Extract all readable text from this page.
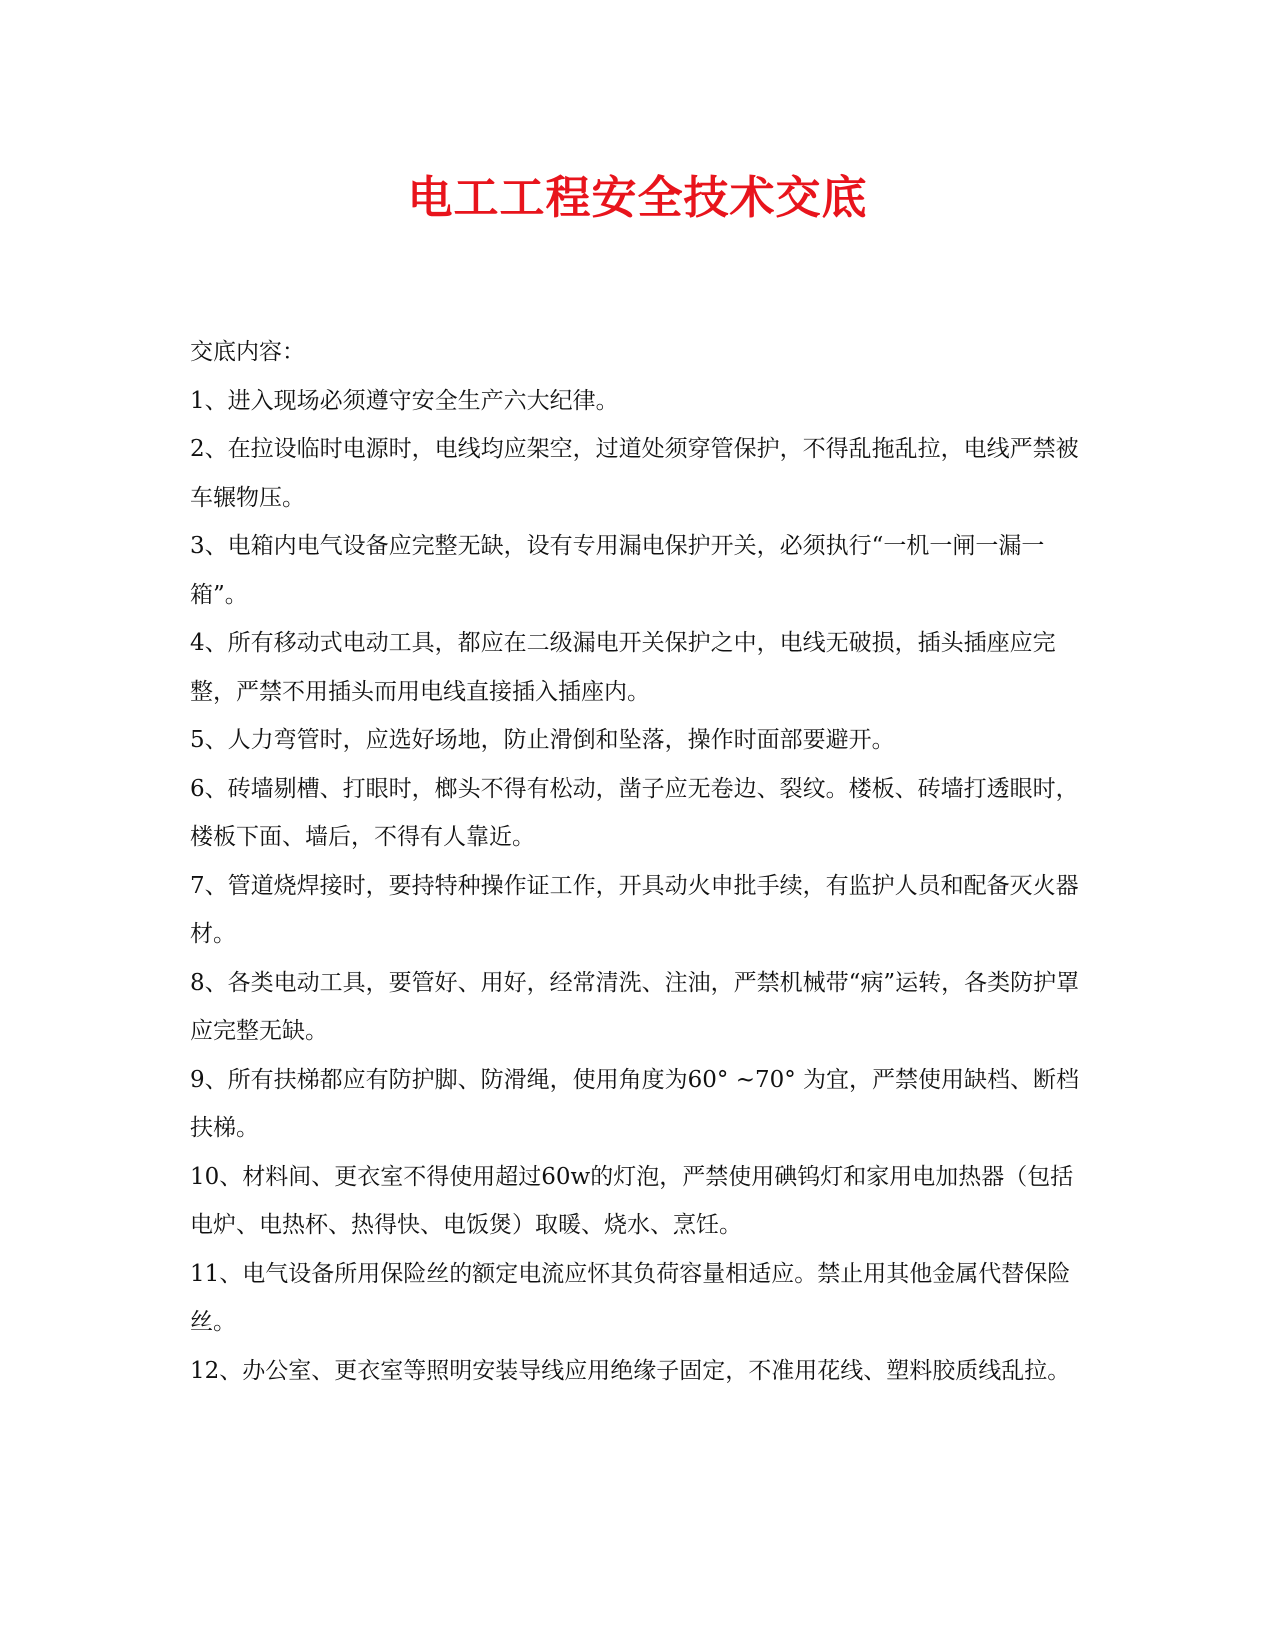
电工工程安全技术交底

交底内容：

1、进入现场必须遵守安全生产六大纪律。

2、在拉设临时电源时，电线均应架空，过道处须穿管保护，不得乱拖乱拉，电线严禁被车辗物压。

3、电箱内电气设备应完整无缺，设有专用漏电保护开关，必须执行“一机一闸一漏一箱”。

4、所有移动式电动工具，都应在二级漏电开关保护之中，电线无破损，插头插座应完整，严禁不用插头而用电线直接插入插座内。

5、人力弯管时，应选好场地，防止滑倒和坠落，操作时面部要避开。

6、砖墙剔槽、打眼时，榔头不得有松动，凿子应无卷边、裂纹。楼板、砖墙打透眼时，楼板下面、墙后，不得有人靠近。

7、管道烧焊接时，要持特种操作证工作，开具动火申批手续，有监护人员和配备灭火器材。

8、各类电动工具，要管好、用好，经常清洗、注油，严禁机械带“病”运转，各类防护罩应完整无缺。

9、所有扶梯都应有防护脚、防滑绳，使用角度为60° ~70° 为宜，严禁使用缺档、断档扶梯。

10、材料间、更衣室不得使用超过60w的灯泡，严禁使用碘钨灯和家用电加热器（包括电炉、电热杯、热得快、电饭煲）取暖、烧水、烹饪。

11、电气设备所用保险丝的额定电流应怀其负荷容量相适应。禁止用其他金属代替保险丝。

12、办公室、更衣室等照明安装导线应用绝缘子固定，不准用花线、塑料胶质线乱拉。
